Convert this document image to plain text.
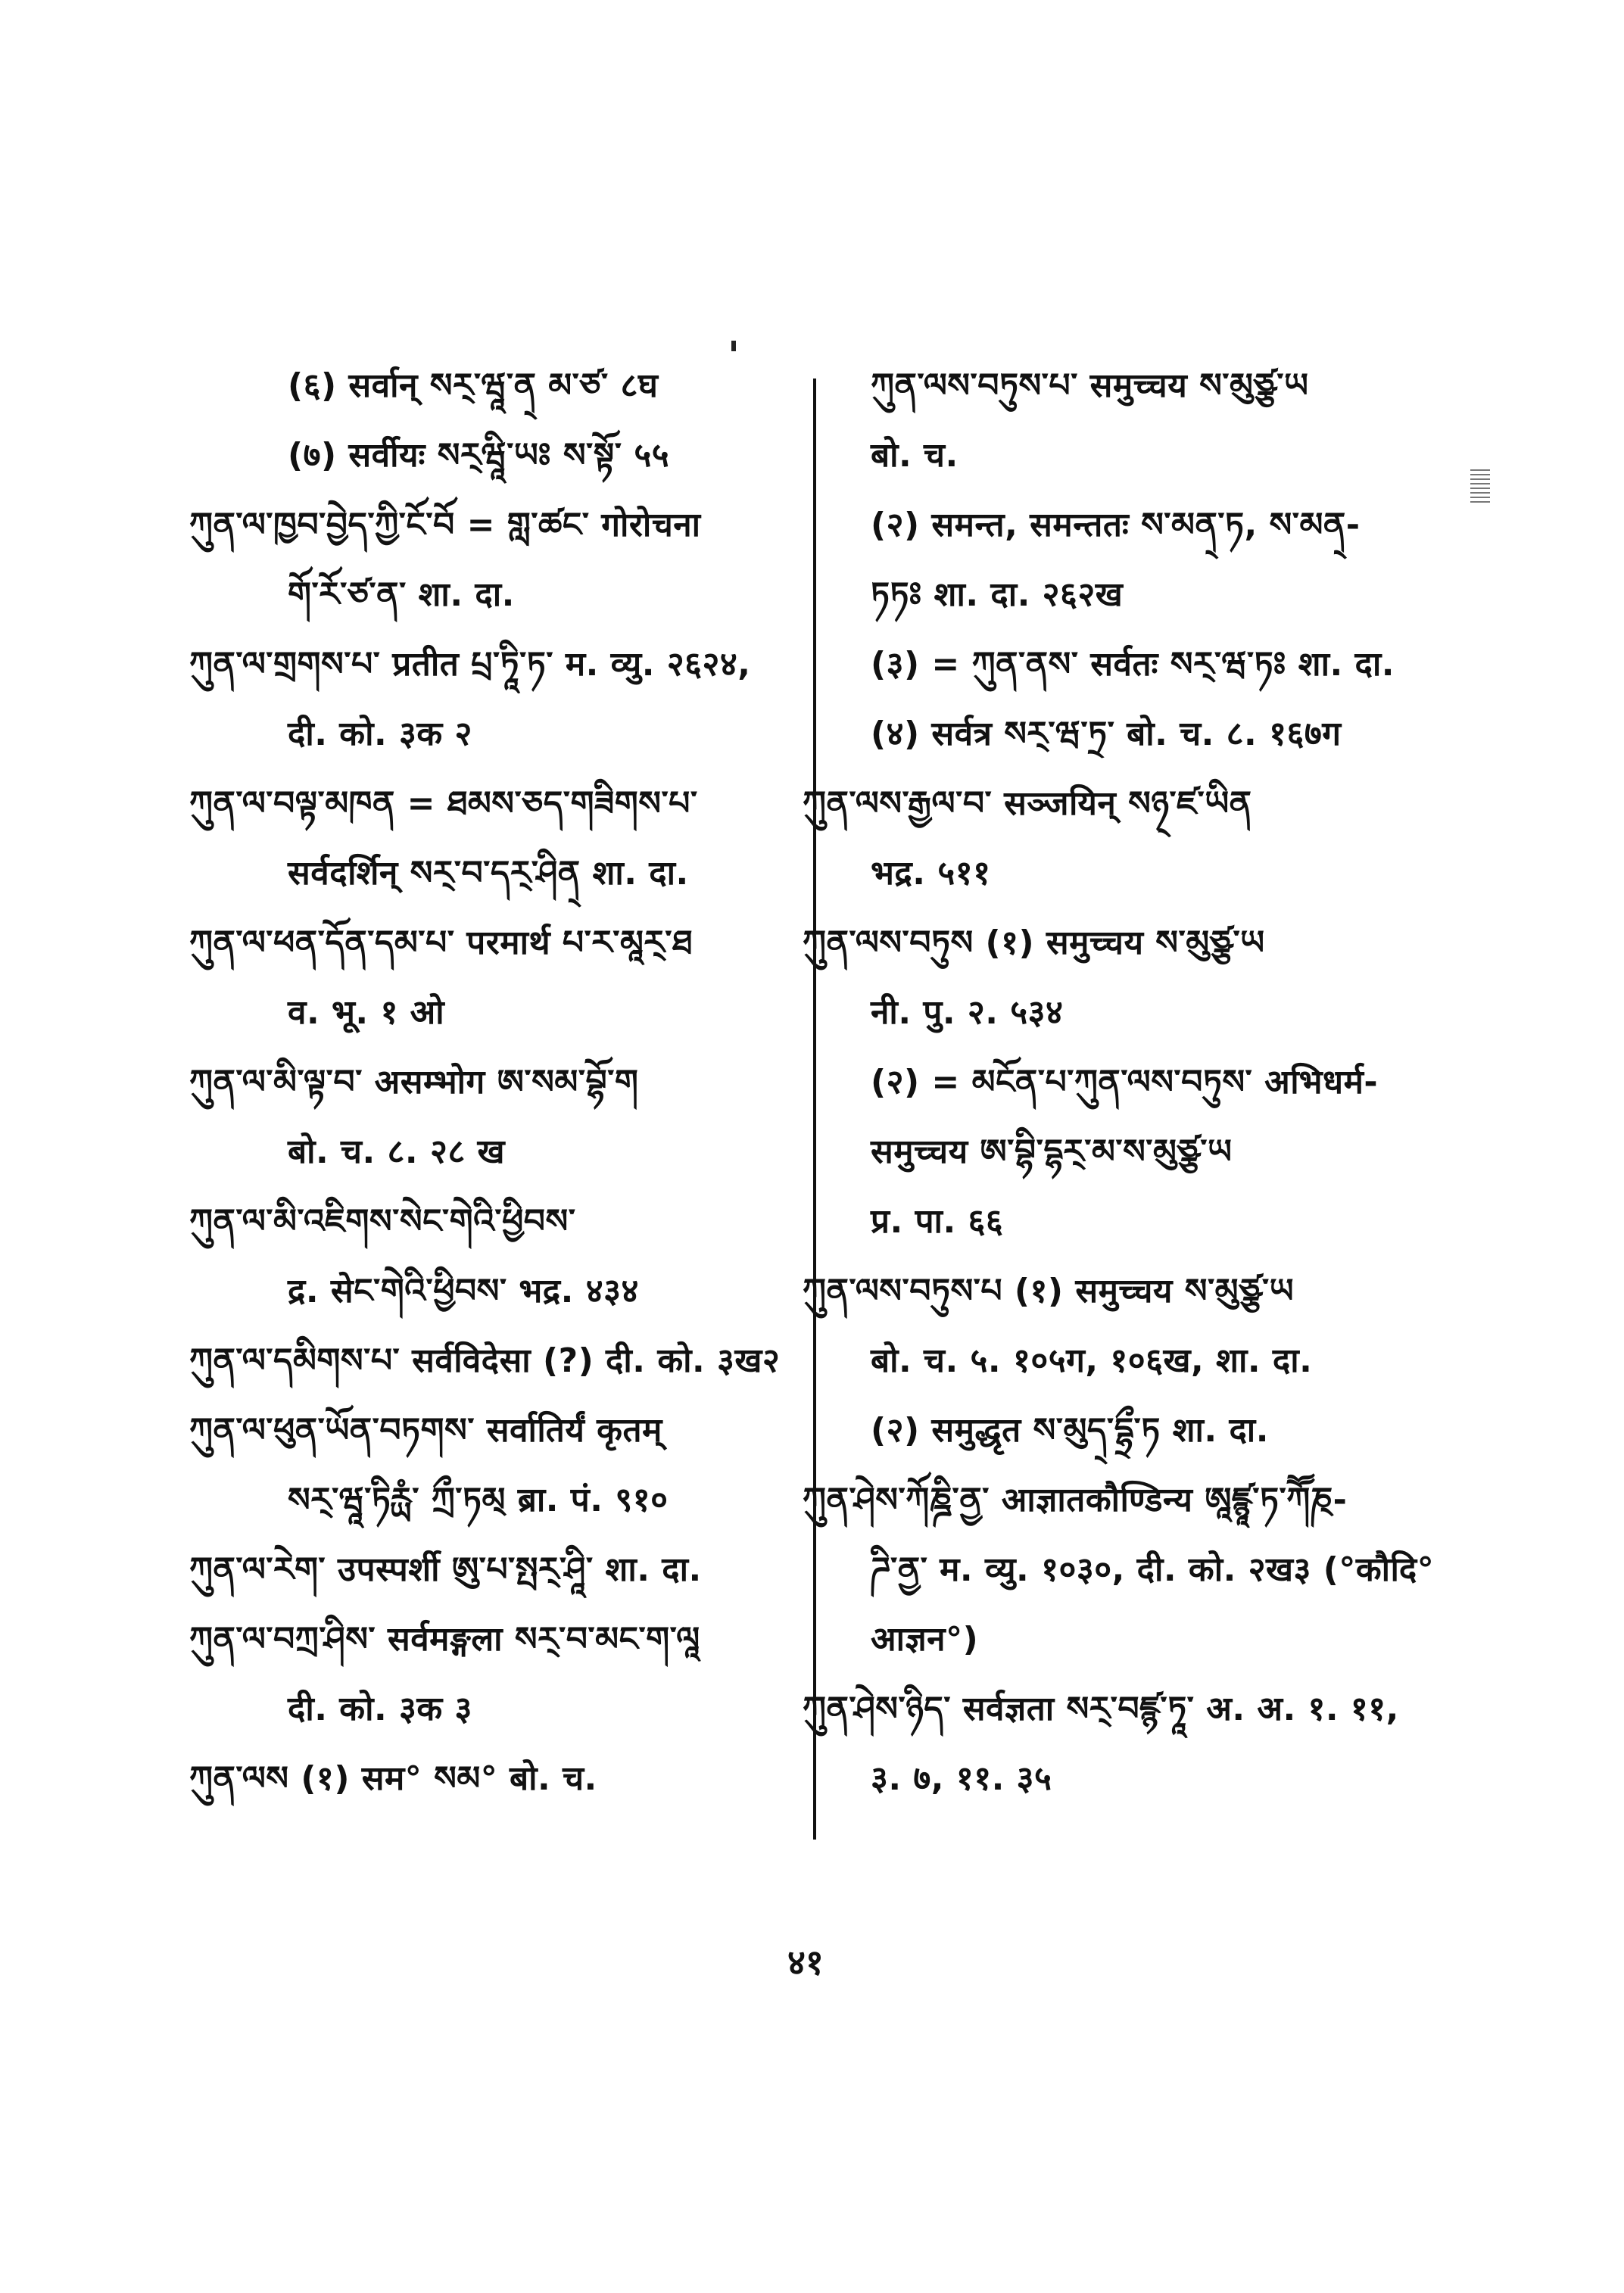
(६) सर्वान् སར྄་ཝཱ་ན྄ མ་ཙ་ ८घ
(७) सर्वीयः སར྄ཝཱི་ཡཿ ས་སྟོ་ ५५
ཀུན་ལ་ཁྱབ་བྱེད་ཀྱི་ངོ་བོ = གླ་ཚང་ गोरोचना
གོ་རོ་ཙ་ན་ शा. दा.
ཀུན་ལ་གྲགས་པ་ प्रतीत པྲ་ཏཱི་ཏ་ म. व्यु. २६२४,
दी. को. ३क २
ཀུན་ལ་བལྟ་མཁན = ཐམས་ཅད་གཟིགས་པ་
सर्वदर्शिन् སར྄་བ་དར྄་ཤིན྄ शा. दा.
ཀུན་ལ་ཕན་དོན་དམ་པ་ परमार्थ པ་ར་མཱར྄་ཐ
व. भू. १ ओ
ཀུན་ལ་མི་ལྟ་བ་ असम्भोग ཨ་སམ་བྷོ་ག
बो. च. ८. २८ ख
ཀུན་ལ་མི་འཇིགས་སེང་གེའི་ཕྱིབས་
द्र. सेང་གེའི་ཕྱིབས་ भद्र. ४३४
ཀུན་ལ་དམིགས་པ་ सर्वविदेसा (?) दी. को. ३ख२
ཀུན་ལ་ཕུན་ཡོན་བཏགས་ सर्वातिर्यं कृतम्
སར྄་ཝཱ་ཏིརྻཾ་ ཀྲྀ་ཏམ྄ ब्रा. पं. ९१०
ཀུན་ལ་རེག་ उपस्पर्शी ཨུ་པ་སྤར྄་ཤཱི་ शा. दा.
ཀུན་ལ་བཀྲ་ཤིས་ सर्वमङ्गला སར྄་བ་མང་ག་ལཱ
दी. को. ३क ३
ཀུན་ལས (१) सम° སམ° बो. च.
ཀུན་ལས་བཏུས་པ་ समुच्चय ས་མུཙྩ་ཡ
बो. च.
(२) समन्त, समन्ततः ས་མན྄་ཏ, ས་མན྄-
ཏཏཿ शा. दा. २६२ख
(३) = ཀུན་ནས་ सर्वतः སར྄་ཝ་ཏཿ शा. दा.
(४) सर्वत्र སར྄་ཝ་ཏྲ་ बो. च. ८. १६७ग
ཀུན་ལས་རྒྱལ་བ་ सञ्जयिन् སཉ྄་ཛ་ཡིན
भद्र. ५११
ཀུན་ལས་བཏུས (१) समुच्चय ས་མུཙྩ་ཡ
नी. पु. २. ५३४
(२) = མངོན་པ་ཀུན་ལས་བཏུས་ अभिधर्म-
समुच्चय ཨ་བྷི་དྷར྄་མ་ས་མུཙྩ་ཡ
प्र. पा. ६६
ཀུན་ལས་བཏུས་པ (१) समुच्चय ས་མུཙྩ་ཡ
बो. च. ५. १०५ग, १०६ख, शा. दा.
(२) समुद्धृत ས་མུད྄་དྷྲྀ་ཏ शा. दा.
ཀུན་ཤེས་ཀོཎྜི་ནྱ་ आज्ञातकौण्डिन्य ཨཱཛྙཱ་ཏ་ཀཽཎ྄-
ཌི་ནྱ་ म. व्यु. १०३०, दी. को. २ख३ (°कौदि°
आज्ञन°)
ཀུན་ཤེས་ཉིད་ सर्वज्ञता སར྄་བཛྙ་ཏཱ་ अ. अ. १. ११,
३. ७, ११. ३५
४१
